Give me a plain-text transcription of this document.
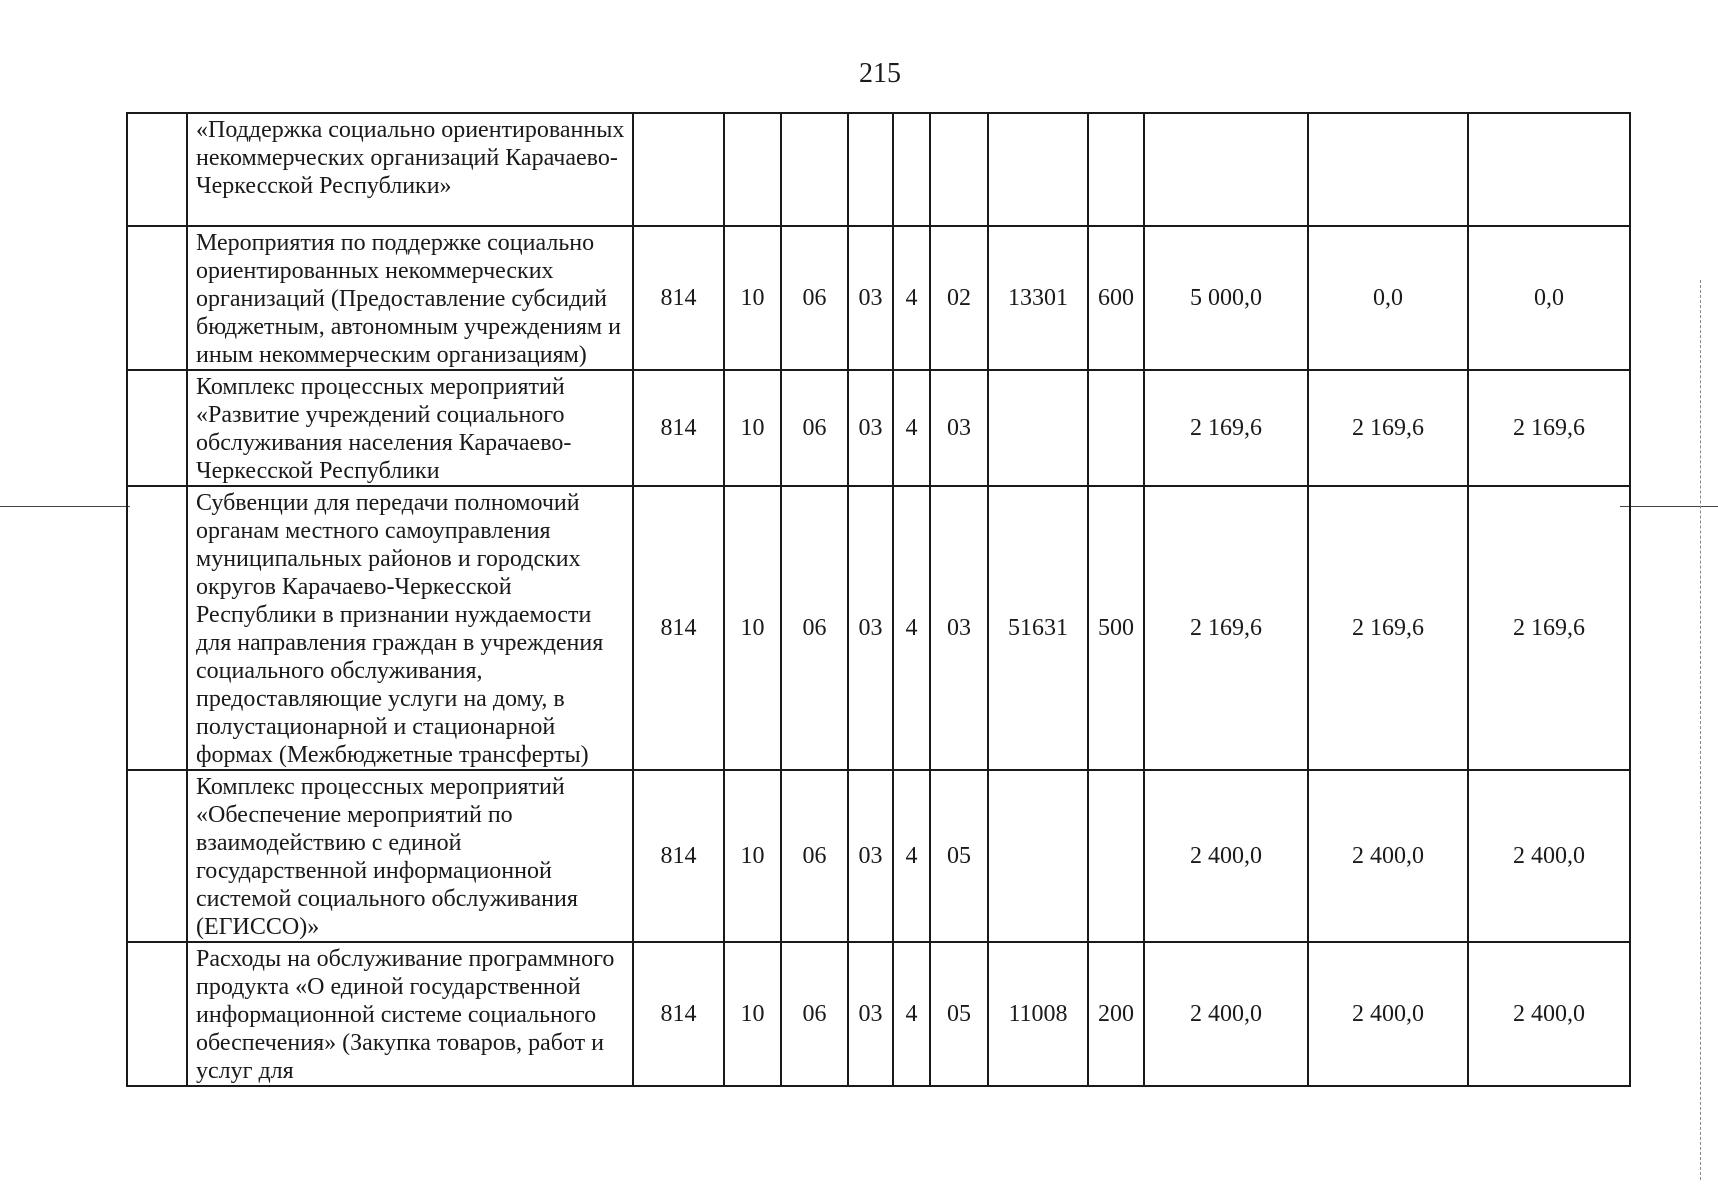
215
	«Поддержка социально ориентированных некоммерческих организаций Карачаево-Черкесской Республики»											
	Мероприятия по поддержке социально ориентированных некоммерческих организаций (Предоставление субсидий бюджетным, автономным учреждениям и иным некоммерческим организациям)	814	10	06	03	4	02	13301	600	5 000,0	0,0	0,0
	Комплекс процессных мероприятий «Развитие учреждений социального обслуживания населения Карачаево-Черкесской Республики	814	10	06	03	4	03			2 169,6	2 169,6	2 169,6
	Субвенции для передачи полномочий органам местного самоуправления муниципальных районов и городских округов Карачаево-Черкесской Республики в признании нуждаемости для направления граждан в учреждения социального обслуживания, предоставляющие услуги на дому, в полустационарной и стационарной формах (Межбюджетные трансферты)	814	10	06	03	4	03	51631	500	2 169,6	2 169,6	2 169,6
	Комплекс процессных мероприятий «Обеспечение мероприятий по взаимодействию с единой государственной информационной системой социального обслуживания (ЕГИССО)»	814	10	06	03	4	05			2 400,0	2 400,0	2 400,0
	Расходы на обслуживание программного продукта «О единой государственной информационной системе социального обеспечения» (Закупка товаров, работ и услуг для	814	10	06	03	4	05	11008	200	2 400,0	2 400,0	2 400,0
